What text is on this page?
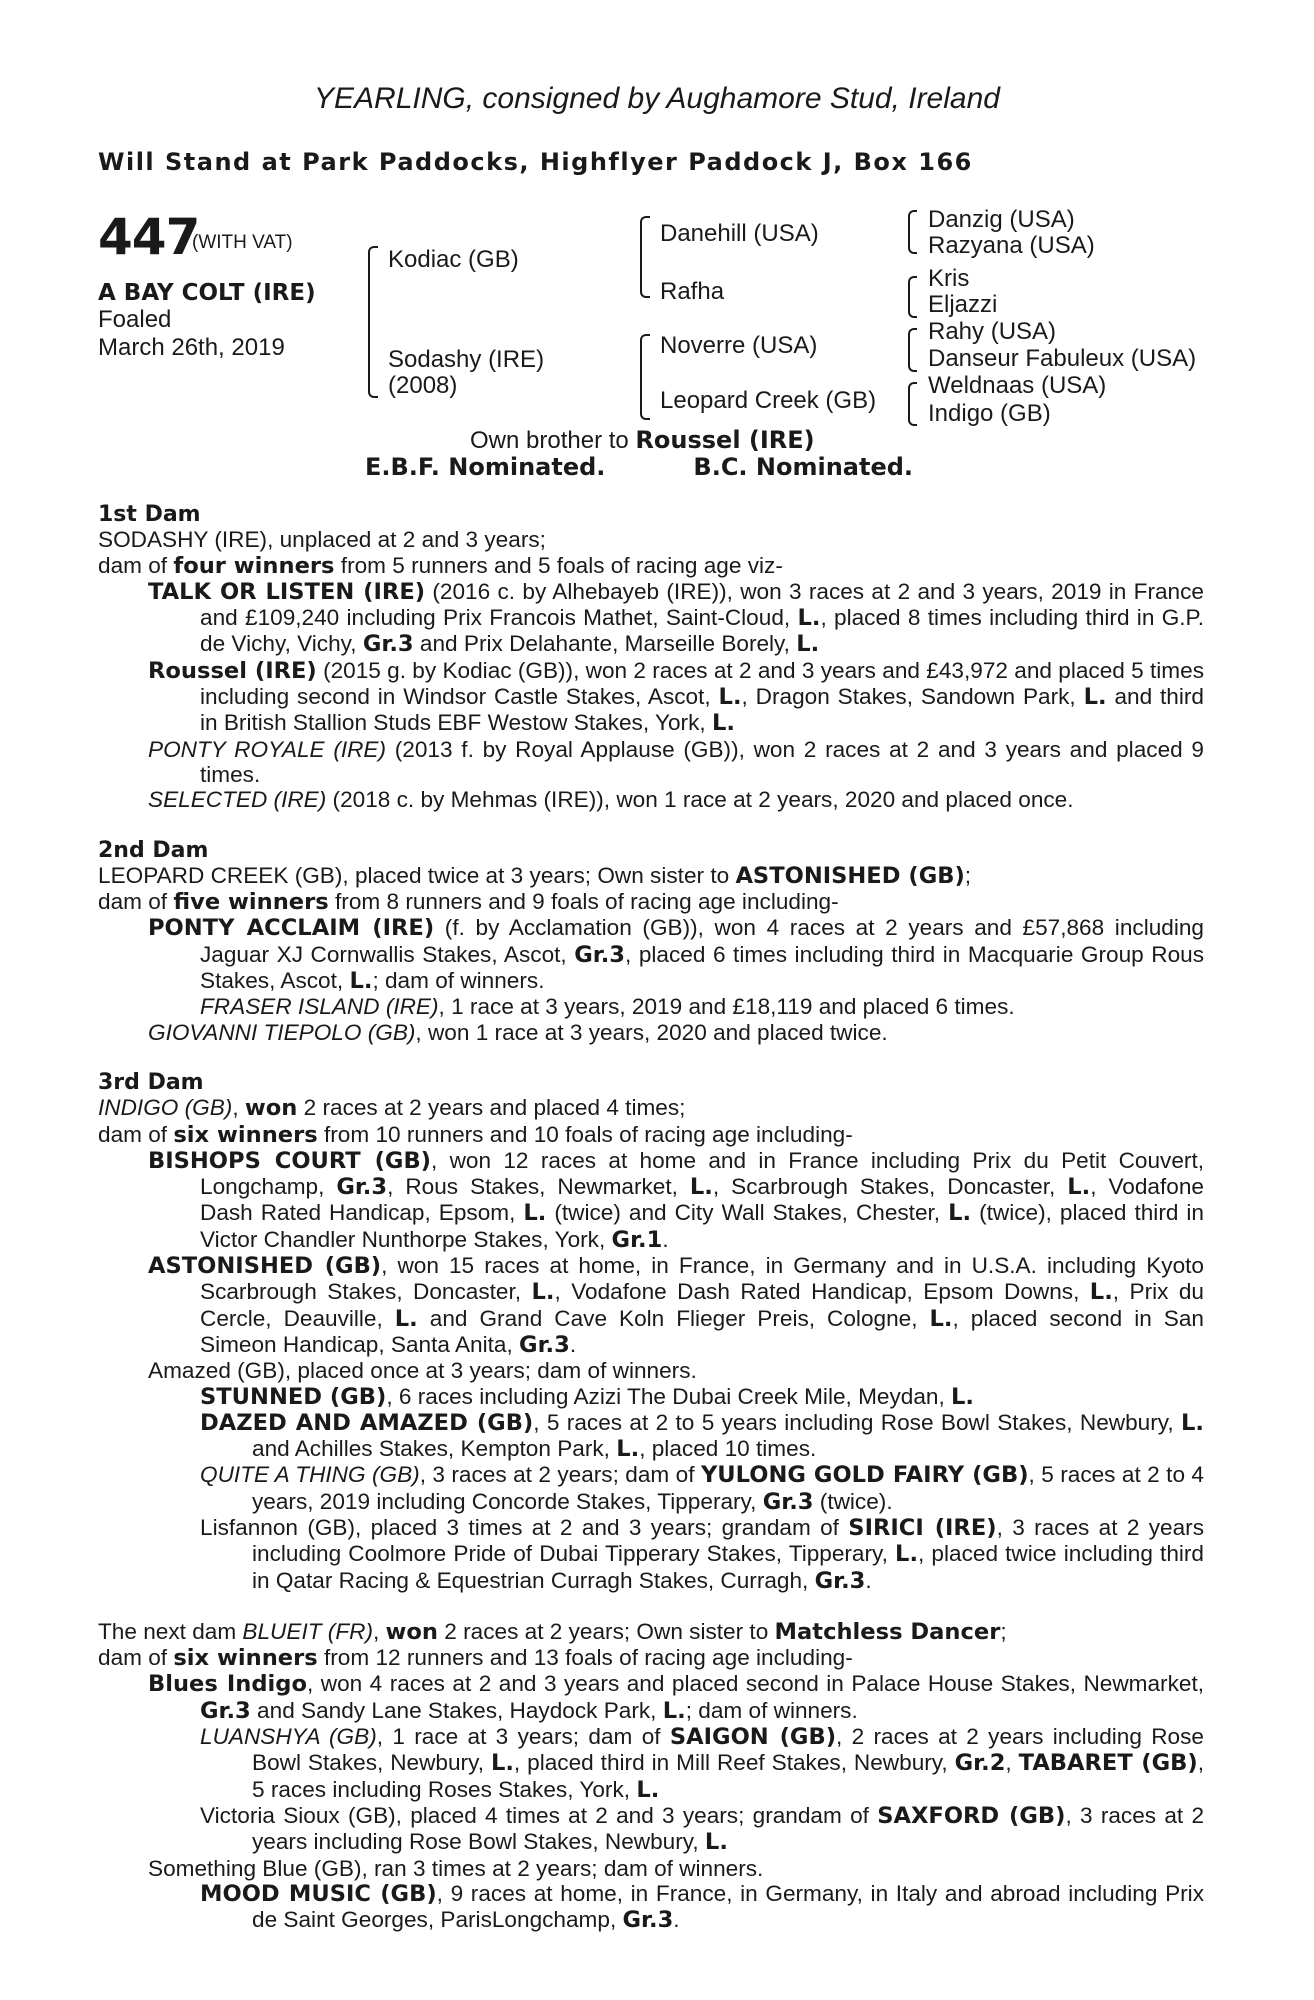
YEARLING, consigned by Aughamore Stud, Ireland
Will Stand at Park Paddocks, Highflyer Paddock J, Box 166
447
(WITH VAT)
A BAY COLT (IRE)
Foaled
March 26th, 2019
Kodiac (GB)
Sodashy (IRE)
(2008)
Danehill (USA)
Rafha
Noverre (USA)
Leopard Creek (GB)
Danzig (USA)
Razyana (USA)
Kris
Eljazzi
Rahy (USA)
Danseur Fabuleux (USA)
Weldnaas (USA)
Indigo (GB)
Own brother to Roussel (IRE)
E.B.F. Nominated.	B.C. Nominated.
1st Dam
SODASHY (IRE), unplaced at 2 and 3 years;
dam of four winners from 5 runners and 5 foals of racing age viz-
TALK OR LISTEN (IRE) (2016 c. by Alhebayeb (IRE)), won 3 races at 2 and 3 years, 2019 in France and £109,240 including Prix Francois Mathet, Saint-Cloud, L., placed 8 times including third in G.P. de Vichy, Vichy, Gr.3 and Prix Delahante, Marseille Borely, L.
Roussel (IRE) (2015 g. by Kodiac (GB)), won 2 races at 2 and 3 years and £43,972 and placed 5 times including second in Windsor Castle Stakes, Ascot, L., Dragon Stakes, Sandown Park, L. and third in British Stallion Studs EBF Westow Stakes, York, L.
PONTY ROYALE (IRE) (2013 f. by Royal Applause (GB)), won 2 races at 2 and 3 years and placed 9 times.
SELECTED (IRE) (2018 c. by Mehmas (IRE)), won 1 race at 2 years, 2020 and placed once.
2nd Dam
LEOPARD CREEK (GB), placed twice at 3 years; Own sister to ASTONISHED (GB);
dam of five winners from 8 runners and 9 foals of racing age including-
PONTY ACCLAIM (IRE) (f. by Acclamation (GB)), won 4 races at 2 years and £57,868 including Jaguar XJ Cornwallis Stakes, Ascot, Gr.3, placed 6 times including third in Macquarie Group Rous Stakes, Ascot, L.; dam of winners.
FRASER ISLAND (IRE), 1 race at 3 years, 2019 and £18,119 and placed 6 times.
GIOVANNI TIEPOLO (GB), won 1 race at 3 years, 2020 and placed twice.
3rd Dam
INDIGO (GB), won 2 races at 2 years and placed 4 times;
dam of six winners from 10 runners and 10 foals of racing age including-
BISHOPS COURT (GB), won 12 races at home and in France including Prix du Petit Couvert, Longchamp, Gr.3, Rous Stakes, Newmarket, L., Scarbrough Stakes, Doncaster, L., Vodafone Dash Rated Handicap, Epsom, L. (twice) and City Wall Stakes, Chester, L. (twice), placed third in Victor Chandler Nunthorpe Stakes, York, Gr.1.
ASTONISHED (GB), won 15 races at home, in France, in Germany and in U.S.A. including Kyoto Scarbrough Stakes, Doncaster, L., Vodafone Dash Rated Handicap, Epsom Downs, L., Prix du Cercle, Deauville, L. and Grand Cave Koln Flieger Preis, Cologne, L., placed second in San Simeon Handicap, Santa Anita, Gr.3.
Amazed (GB), placed once at 3 years; dam of winners.
STUNNED (GB), 6 races including Azizi The Dubai Creek Mile, Meydan, L.
DAZED AND AMAZED (GB), 5 races at 2 to 5 years including Rose Bowl Stakes, Newbury, L. and Achilles Stakes, Kempton Park, L., placed 10 times.
QUITE A THING (GB), 3 races at 2 years; dam of YULONG GOLD FAIRY (GB), 5 races at 2 to 4 years, 2019 including Concorde Stakes, Tipperary, Gr.3 (twice).
Lisfannon (GB), placed 3 times at 2 and 3 years; grandam of SIRICI (IRE), 3 races at 2 years including Coolmore Pride of Dubai Tipperary Stakes, Tipperary, L., placed twice including third in Qatar Racing & Equestrian Curragh Stakes, Curragh, Gr.3.
The next dam BLUEIT (FR), won 2 races at 2 years; Own sister to Matchless Dancer;
dam of six winners from 12 runners and 13 foals of racing age including-
Blues Indigo, won 4 races at 2 and 3 years and placed second in Palace House Stakes, Newmarket, Gr.3 and Sandy Lane Stakes, Haydock Park, L.; dam of winners.
LUANSHYA (GB), 1 race at 3 years; dam of SAIGON (GB), 2 races at 2 years including Rose Bowl Stakes, Newbury, L., placed third in Mill Reef Stakes, Newbury, Gr.2, TABARET (GB), 5 races including Roses Stakes, York, L.
Victoria Sioux (GB), placed 4 times at 2 and 3 years; grandam of SAXFORD (GB), 3 races at 2 years including Rose Bowl Stakes, Newbury, L.
Something Blue (GB), ran 3 times at 2 years; dam of winners.
MOOD MUSIC (GB), 9 races at home, in France, in Germany, in Italy and abroad including Prix de Saint Georges, ParisLongchamp, Gr.3.
